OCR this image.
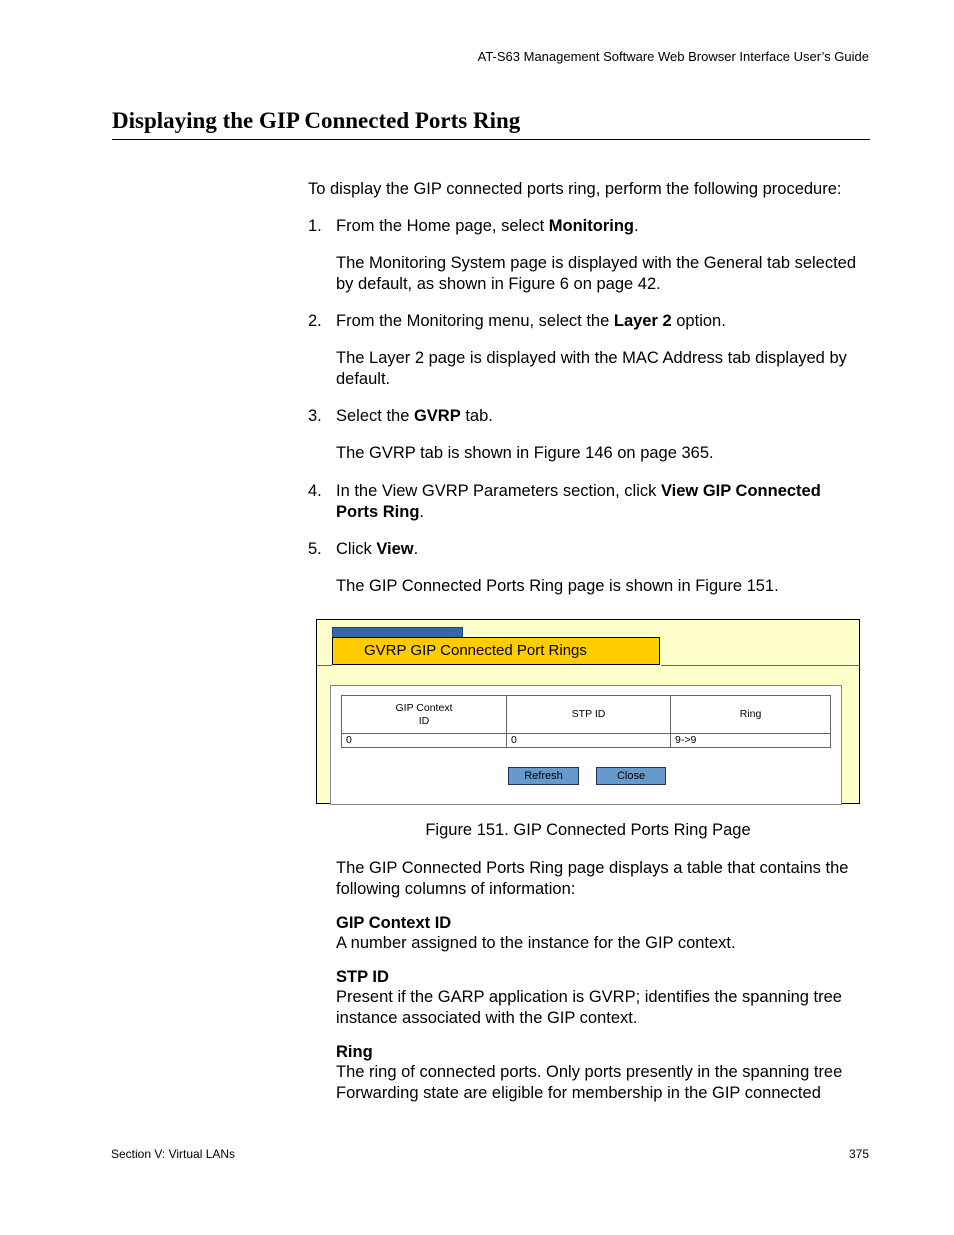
AT-S63 Management Software Web Browser Interface User’s Guide
Displaying the GIP Connected Ports Ring
To display the GIP connected ports ring, perform the following procedure:
1. From the Home page, select Monitoring.
The Monitoring System page is displayed with the General tab selected by default, as shown in Figure 6 on page 42.
2. From the Monitoring menu, select the Layer 2 option.
The Layer 2 page is displayed with the MAC Address tab displayed by default.
3. Select the GVRP tab.
The GVRP tab is shown in Figure 146 on page 365.
4. In the View GVRP Parameters section, click View GIP Connected Ports Ring.
5. Click View.
The GIP Connected Ports Ring page is shown in Figure 151.
GVRP GIP Connected Port Rings
GIP Context
ID	STP ID	Ring
0	0	9->9
Refresh	Close
Figure 151. GIP Connected Ports Ring Page
The GIP Connected Ports Ring page displays a table that contains the following columns of information:
GIP Context ID
A number assigned to the instance for the GIP context.
STP ID
Present if the GARP application is GVRP; identifies the spanning tree instance associated with the GIP context.
Ring
The ring of connected ports. Only ports presently in the spanning tree Forwarding state are eligible for membership in the GIP connected
Section V: Virtual LANs	375
